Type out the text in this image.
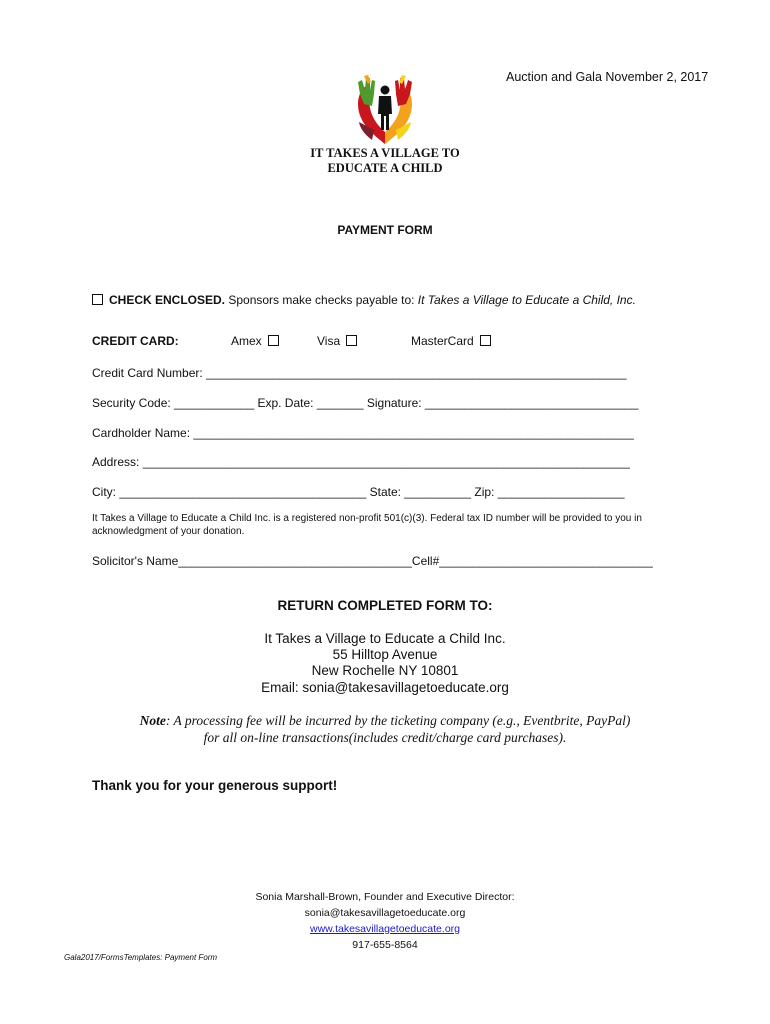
Auction and Gala November 2, 2017
IT TAKES A VILLAGE TO
EDUCATE A CHILD
PAYMENT FORM
CHECK ENCLOSED. Sponsors make checks payable to: It Takes a Village to Educate a Child, Inc.
CREDIT CARD:	Amex	Visa	MasterCard
Credit Card Number: _______________________________________________________________
Security Code: ____________ Exp. Date: _______ Signature: ________________________________
Cardholder Name: __________________________________________________________________
Address: _________________________________________________________________________
City: _____________________________________ State: __________ Zip: ___________________
It Takes a Village to Educate a Child Inc. is a registered non-profit 501(c)(3). Federal tax ID number will be provided to you in acknowledgment of your donation.
Solicitor's Name___________________________________Cell#________________________________
RETURN COMPLETED FORM TO:
It Takes a Village to Educate a Child Inc.
55 Hilltop Avenue
New Rochelle NY 10801
Email: sonia@takesavillagetoeducate.org
Note: A processing fee will be incurred by the ticketing company (e.g., Eventbrite, PayPal)
for all on-line transactions(includes credit/charge card purchases).
Thank you for your generous support!
Sonia Marshall-Brown, Founder and Executive Director:
sonia@takesavillagetoeducate.org
www.takesavillagetoeducate.org
917-655-8564
Gala2017/FormsTemplates: Payment Form
